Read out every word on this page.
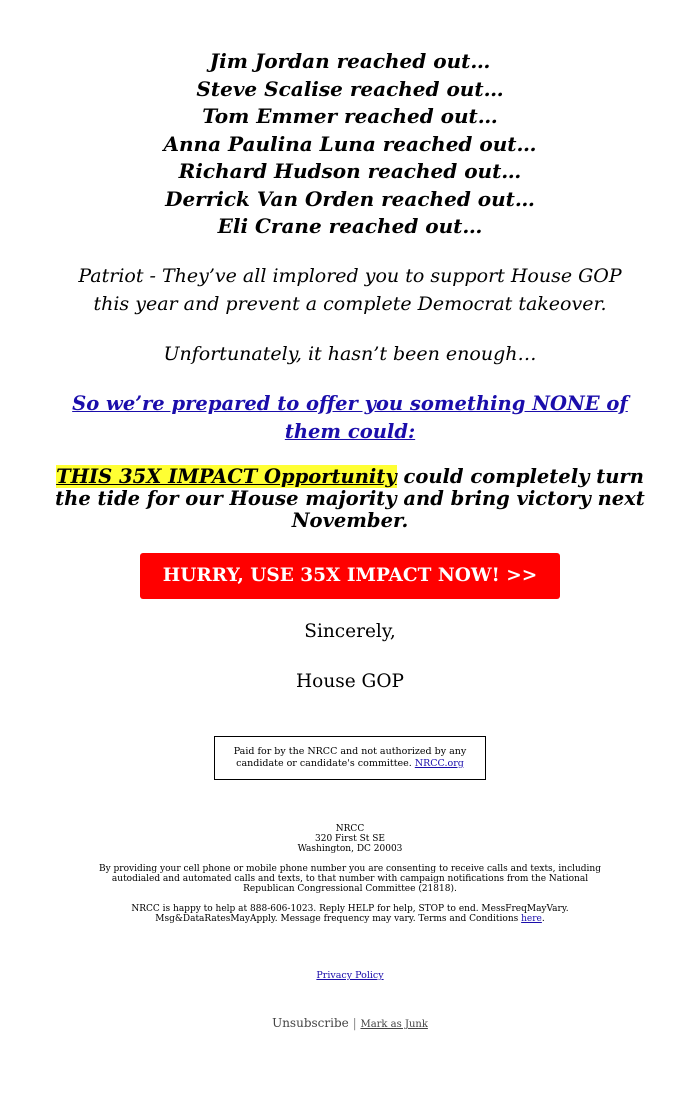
Jim Jordan reached out…
Steve Scalise reached out…
Tom Emmer reached out…
Anna Paulina Luna reached out…
Richard Hudson reached out…
Derrick Van Orden reached out…
Eli Crane reached out…
Patriot - They’ve all implored you to support House GOP this year and prevent a complete Democrat takeover.
Unfortunately, it hasn’t been enough…
So we’re prepared to offer you something NONE of them could:
THIS 35X IMPACT Opportunity could completely turn the tide for our House majority and bring victory next November.
HURRY, USE 35X IMPACT NOW! >>
Sincerely,
House GOP
Paid for by the NRCC and not authorized by any candidate or candidate's committee. NRCC.org
NRCC
320 First St SE
Washington, DC 20003
By providing your cell phone or mobile phone number you are consenting to receive calls and texts, including autodialed and automated calls and texts, to that number with campaign notifications from the National Republican Congressional Committee (21818).
NRCC is happy to help at 888-606-1023. Reply HELP for help, STOP to end. MessFreqMayVary. Msg&DataRatesMayApply. Message frequency may vary. Terms and Conditions here.
Privacy Policy
Unsubscribe | Mark as Junk
